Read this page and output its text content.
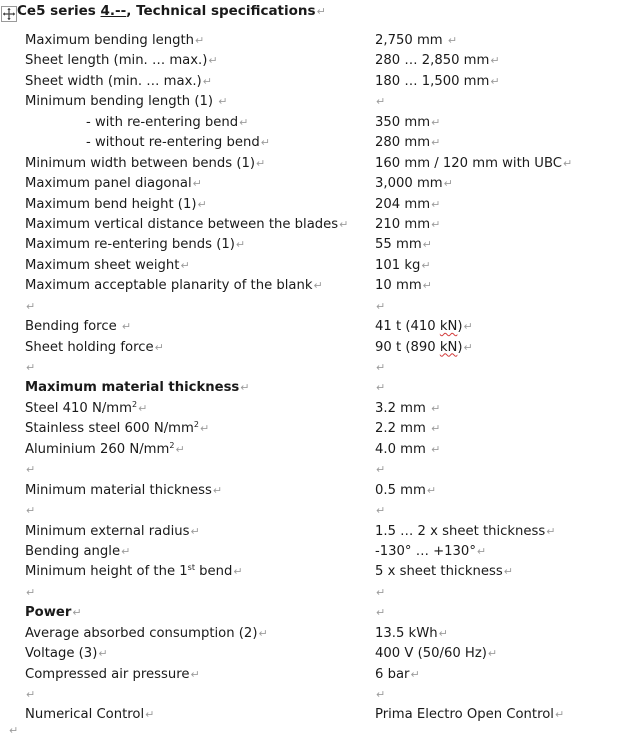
Ce5 series 4.--, Technical specifications↵
Maximum bending length↵	2,750 mm ↵
Sheet length (min. … max.)↵	280 … 2,850 mm↵
Sheet width (min. … max.)↵	180 … 1,500 mm↵
Minimum bending length (1) ↵	↵
- with re-entering bend↵	350 mm↵
- without re-entering bend↵	280 mm↵
Minimum width between bends (1)↵	160 mm / 120 mm with UBC↵
Maximum panel diagonal↵	3,000 mm↵
Maximum bend height (1)↵	204 mm↵
Maximum vertical distance between the blades↵ 210 mm↵
Maximum re-entering bends (1)↵	55 mm↵
Maximum sheet weight↵	101 kg↵
Maximum acceptable planarity of the blank↵	10 mm↵
↵	↵
Bending force ↵	41 t (410 kN)↵
Sheet holding force↵	90 t (890 kN)↵
↵	↵
Maximum material thickness↵	↵
Steel 410 $N/mm^2↵$	3.2 mm ↵
Stainless steel 600 $N/mm^2↵$	2.2 mm ↵
Aluminium 260 $N/mm^2↵$	4.0 mm ↵
↵	↵
Minimum material thickness↵	0.5 mm↵
↵	↵
Minimum external radius↵	1.5 … 2 x sheet thickness↵
Bending angle↵	-130° … +130°↵
Minimum height of the 1st bend↵	5 x sheet thickness↵
↵	↵
Power↵	↵
Average absorbed consumption (2)↵	13.5 kWh↵
Voltage (3)↵	400 V (50/60 Hz)↵
Compressed air pressure↵	6 bar↵
↵	↵
Numerical Control↵	Prima Electro Open Control↵
↵
